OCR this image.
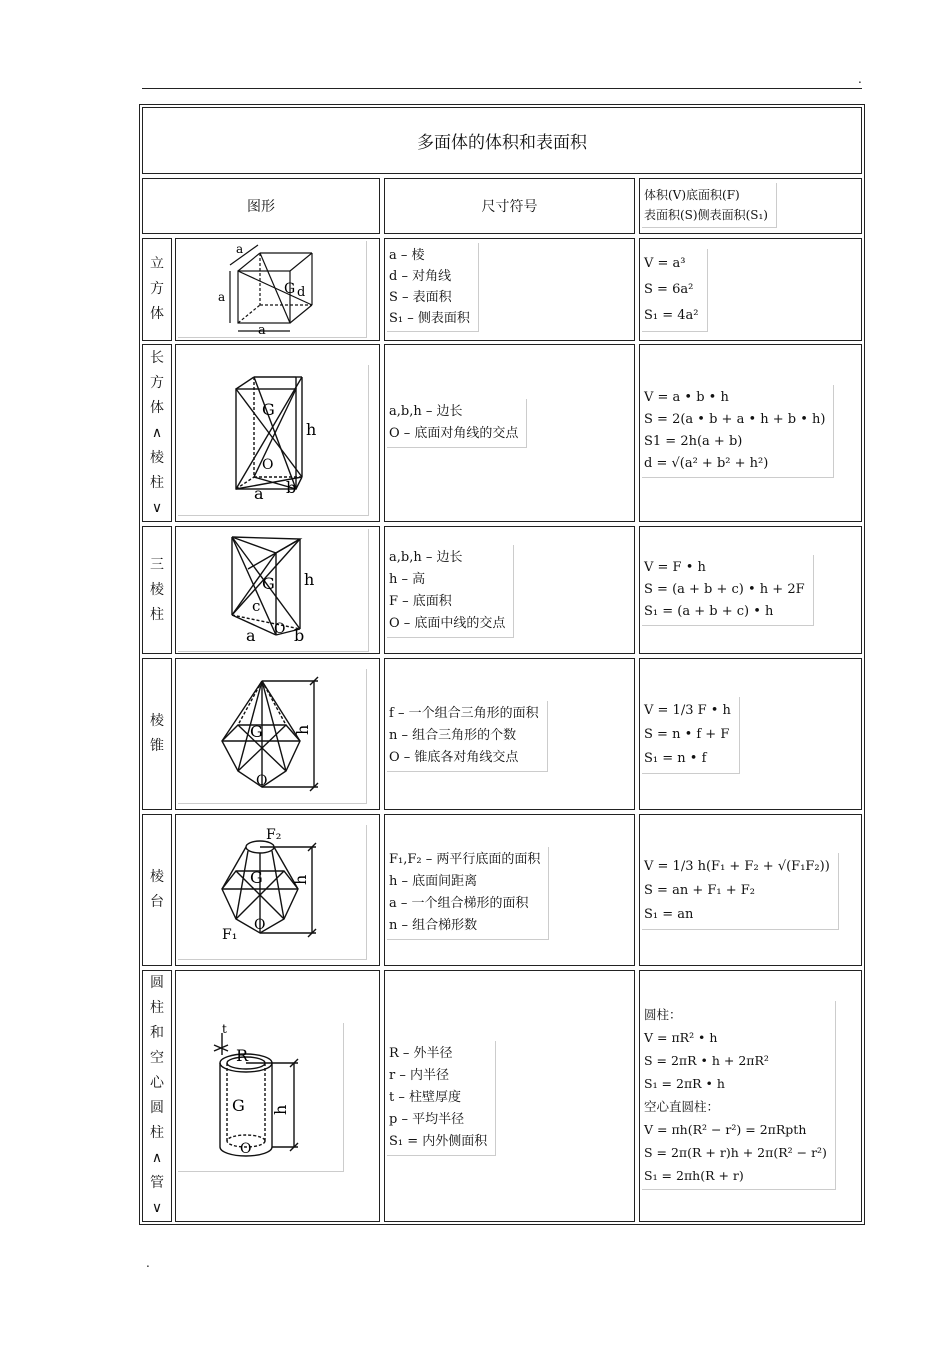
.
多面体的体积和表面积
图形	尺寸符号
体积(V)底面积(F)
表面积(S)侧表面积(S₁)
立
方
体
G d
a
a
a	a – 棱
d – 对角线
S – 表面积
S₁ – 侧表面积
V = a³
S = 6a²
S₁ = 4a²
长
方
体
∧
棱
柱
∨
G
h
O
a b
a,b,h – 边长
O – 底面对角线的交点
V = a • b • h
S = 2(a • b + a • h + b • h)
S1 = 2h(a + b)
d = √(a² + b² + h²)
三
棱
柱
G h
c
a O b
a,b,h – 边长
h – 高
F – 底面积
O – 底面中线的交点
V = F • h
S = (a + b + c) • h + 2F
S₁ = (a + b + c) • h
棱
锥
G h
O
f – 一个组合三角形的面积
n – 组合三角形的个数
O – 锥底各对角线交点
V = 1/3 F • h
S = n • f + F
S₁ = n • f
棱
台
F₂
G h
O
F₁
F₁,F₂ – 两平行底面的面积
h – 底面间距离
a – 一个组合梯形的面积
n – 组合梯形数
V = 1/3 h(F₁ + F₂ + √(F₁F₂))
S = an + F₁ + F₂
S₁ = an
圆
柱
和
空
心
圆
柱
∧
管
∨
t
R
G h
O
R – 外半径
r – 内半径
t – 柱壁厚度
p – 平均半径
S₁ = 内外侧面积
圆柱：
V = πR² • h
S = 2πR • h + 2πR²
S₁ = 2πR • h
空心直圆柱：
V = πh(R² − r²) = 2πRpth
S = 2π(R + r)h + 2π(R² − r²)
S₁ = 2πh(R + r)
.
